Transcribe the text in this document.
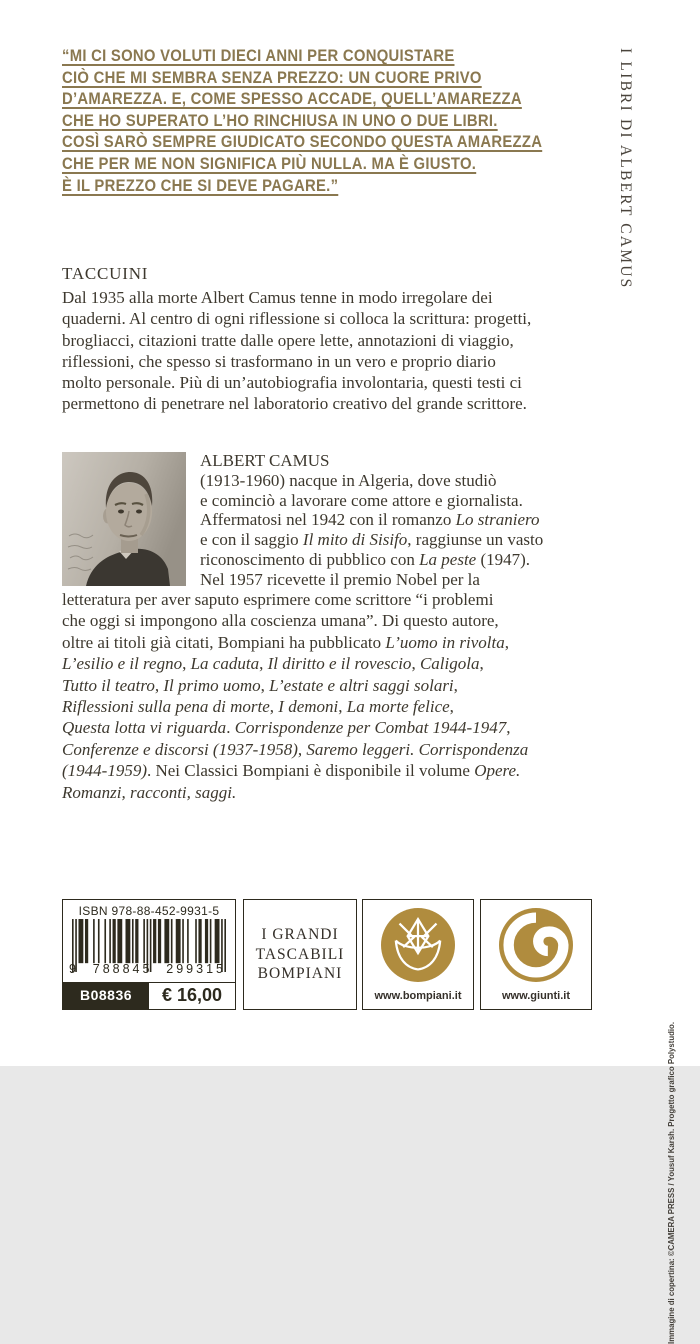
“MI CI SONO VOLUTI DIECI ANNI PER CONQUISTARE
CIÒ CHE MI SEMBRA SENZA PREZZO: UN CUORE PRIVO
D’AMAREZZA. E, COME SPESSO ACCADE, QUELL’AMAREZZA
CHE HO SUPERATO L’HO RINCHIUSA IN UNO O DUE LIBRI.
COSÌ SARÒ SEMPRE GIUDICATO SECONDO QUESTA AMAREZZA
CHE PER ME NON SIGNIFICA PIÙ NULLA. MA È GIUSTO.
È IL PREZZO CHE SI DEVE PAGARE.”	I LIBRI DI ALBERT CAMUS
TACCUINI
Dal 1935 alla morte Albert Camus tenne in modo irregolare dei
quaderni. Al centro di ogni riflessione si colloca la scrittura: progetti,
brogliacci, citazioni tratte dalle opere lette, annotazioni di viaggio,
riflessioni, che spesso si trasformano in un vero e proprio diario
molto personale. Più di un’autobiografia involontaria, questi testi ci
permettono di penetrare nel laboratorio creativo del grande scrittore.
ALBERT CAMUS
(1913-1960) nacque in Algeria, dove studiò
e cominciò a lavorare come attore e giornalista.
Affermatosi nel 1942 con il romanzo Lo straniero
e con il saggio Il mito di Sisifo, raggiunse un vasto
riconoscimento di pubblico con La peste (1947).
Nel 1957 ricevette il premio Nobel per la
letteratura per aver saputo esprimere come scrittore “i problemi
che oggi si impongono alla coscienza umana”. Di questo autore,
oltre ai titoli già citati, Bompiani ha pubblicato L’uomo in rivolta,
L’esilio e il regno, La caduta, Il diritto e il rovescio, Caligola,
Tutto il teatro, Il primo uomo, L’estate e altri saggi solari,
Riflessioni sulla pena di morte, I demoni, La morte felice,
Questa lotta vi riguarda. Corrispondenze per Combat 1944-1947,
Conferenze e discorsi (1937-1958), Saremo leggeri. Corrispondenza
(1944-1959). Nei Classici Bompiani è disponibile il volume Opere.
Romanzi, racconti, saggi.
ISBN 978-88-452-9931-5
9 788845 299315
B08836	€ 16,00
I GRANDI
TASCABILI
BOMPIANI
www.bompiani.it	www.giunti.it
Immagine di copertina: ©CAMERA PRESS / Yousuf Karsh. Progetto grafico Polystudio.
